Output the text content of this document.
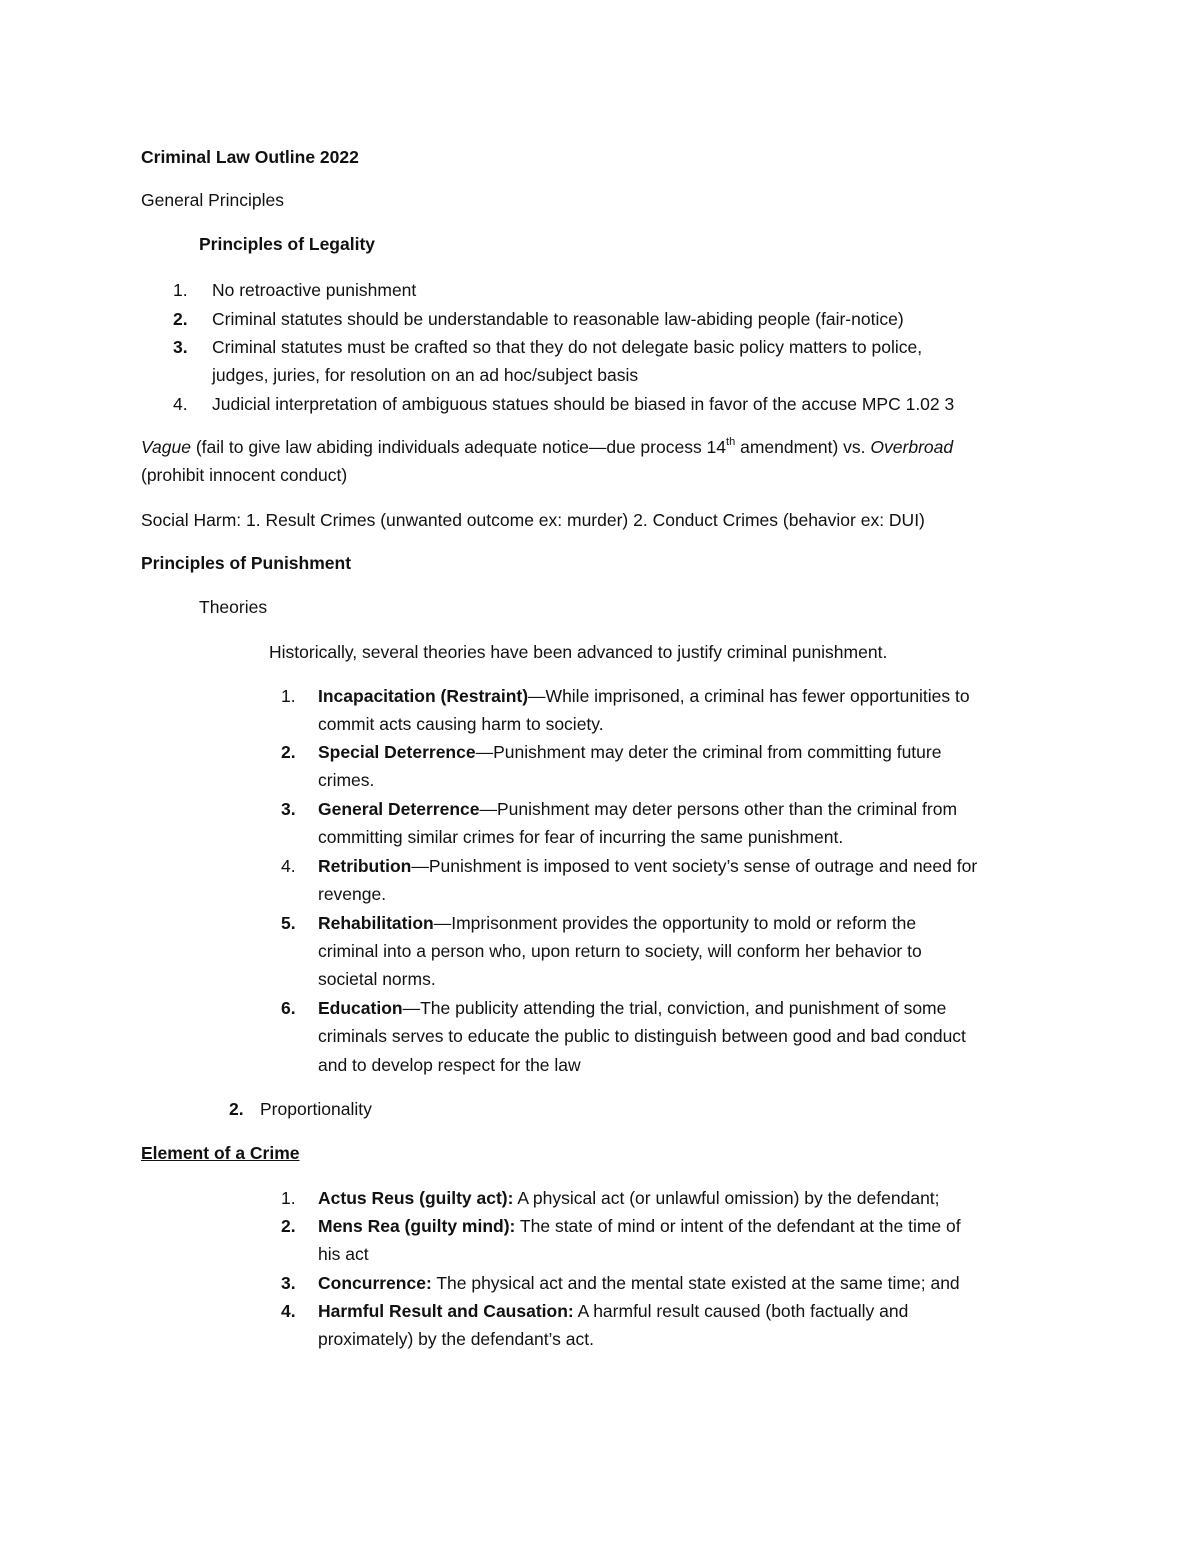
Criminal Law Outline 2022
General Principles
Principles of Legality
1. No retroactive punishment
2. Criminal statutes should be understandable to reasonable law-abiding people (fair-notice)
3. Criminal statutes must be crafted so that they do not delegate basic policy matters to police,
judges, juries, for resolution on an ad hoc/subject basis
4. Judicial interpretation of ambiguous statues should be biased in favor of the accuse MPC 1.02 3
Vague (fail to give law abiding individuals adequate notice—due process 14th amendment) vs. Overbroad
(prohibit innocent conduct)
Social Harm: 1. Result Crimes (unwanted outcome ex: murder) 2. Conduct Crimes (behavior ex: DUI)
Principles of Punishment
Theories
Historically, several theories have been advanced to justify criminal punishment.
1. Incapacitation (Restraint)—While imprisoned, a criminal has fewer opportunities to
commit acts causing harm to society.
2. Special Deterrence—Punishment may deter the criminal from committing future
crimes.
3. General Deterrence—Punishment may deter persons other than the criminal from
committing similar crimes for fear of incurring the same punishment.
4. Retribution—Punishment is imposed to vent society’s sense of outrage and need for
revenge.
5. Rehabilitation—Imprisonment provides the opportunity to mold or reform the
criminal into a person who, upon return to society, will conform her behavior to
societal norms.
6. Education—The publicity attending the trial, conviction, and punishment of some
criminals serves to educate the public to distinguish between good and bad conduct
and to develop respect for the law
2. Proportionality
Element of a Crime
1. Actus Reus (guilty act): A physical act (or unlawful omission) by the defendant;
2. Mens Rea (guilty mind): The state of mind or intent of the defendant at the time of
his act
3. Concurrence: The physical act and the mental state existed at the same time; and
4. Harmful Result and Causation: A harmful result caused (both factually and
proximately) by the defendant’s act.
